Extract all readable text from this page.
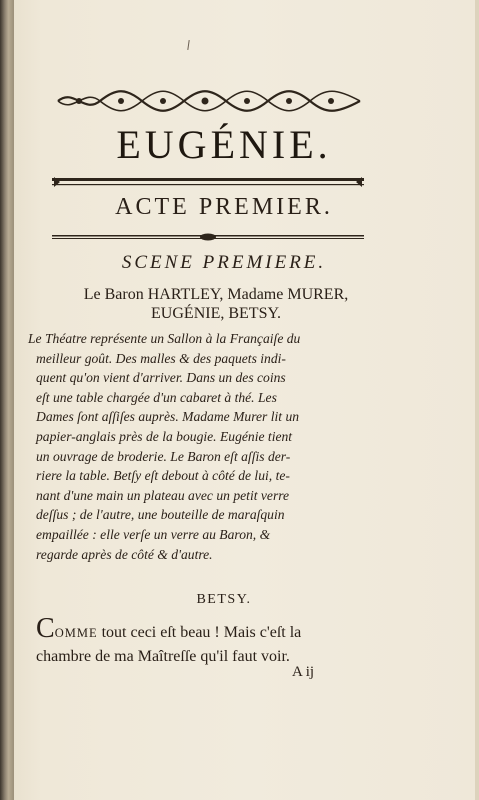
EUGÉNIE.
ACTE PREMIER.
SCENE PREMIERE.
Le Baron HARTLEY, Madame MURER,
EUGÉNIE, BETSY.
Le Théatre représente un Sallon à la Françaiſe du
meilleur goût. Des malles & des paquets indi-
quent qu'on vient d'arriver. Dans un des coins
eſt une table chargée d'un cabaret à thé. Les
Dames ſont aſſiſes auprès. Madame Murer lit un
papier-anglais près de la bougie. Eugénie tient
un ouvrage de broderie. Le Baron eſt aſſis der-
riere la table. Betſy eſt debout à côté de lui, te-
nant d'une main un plateau avec un petit verre
deſſus ; de l'autre, une bouteille de maraſquin
empaillée : elle verſe un verre au Baron, &
regarde après de côté & d'autre.
BETSY.
COMME tout ceci eſt beau ! Mais c'eſt la
chambre de ma Maîtreſſe qu'il faut voir.
A ij
